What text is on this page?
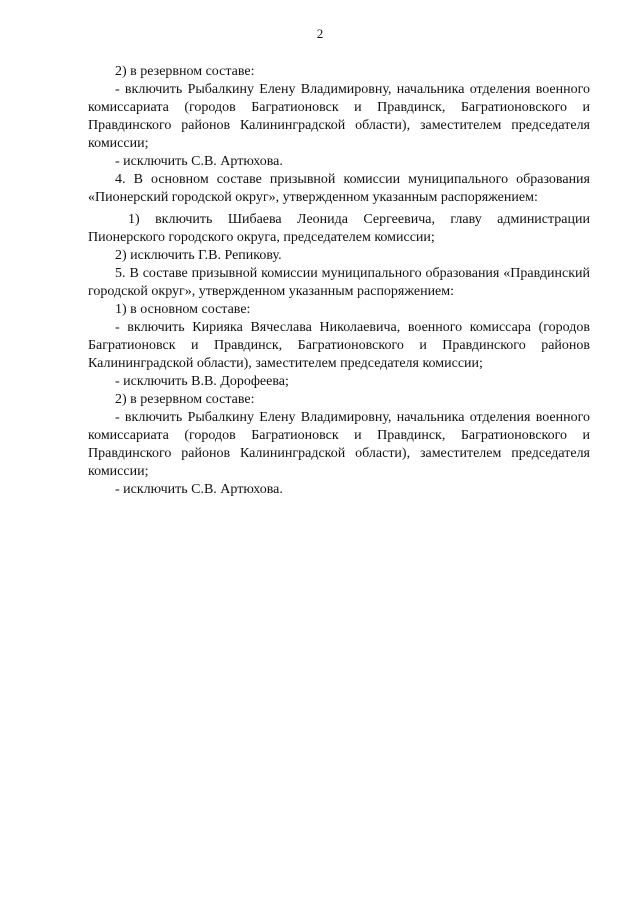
2

2) в резервном составе:

- включить Рыбалкину Елену Владимировну, начальника отделения военного комиссариата (городов Багратионовск и Правдинск, Багратионовского и Правдинского районов Калининградской области), заместителем председателя комиссии;

- исключить С.В. Артюхова.

4. В основном составе призывной комиссии муниципального образования «Пионерский городской округ», утвержденном указанным распоряжением:

1) включить Шибаева Леонида Сергеевича, главу администрации Пионерского городского округа, председателем комиссии;

2) исключить Г.В. Репикову.

5. В составе призывной комиссии муниципального образования «Правдинский городской округ», утвержденном указанным распоряжением:

1) в основном составе:

- включить Кирияка Вячеслава Николаевича, военного комиссара (городов Багратионовск и Правдинск, Багратионовского и Правдинского районов Калининградской области), заместителем председателя комиссии;

- исключить В.В. Дорофеева;

2) в резервном составе:

- включить Рыбалкину Елену Владимировну, начальника отделения военного комиссариата (городов Багратионовск и Правдинск, Багратионовского и Правдинского районов Калининградской области), заместителем председателя комиссии;

- исключить С.В. Артюхова.
